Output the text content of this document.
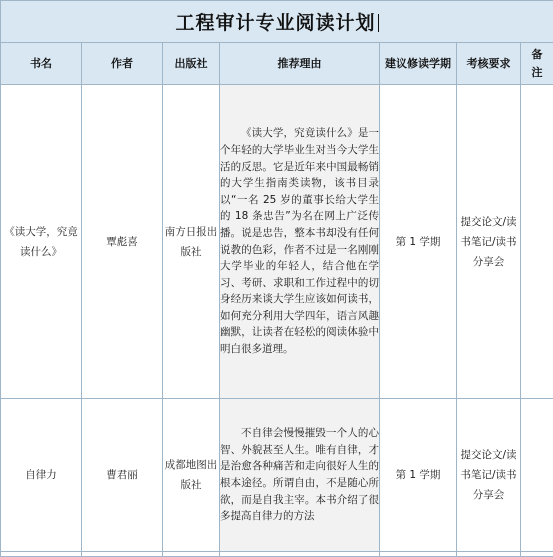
工程审计专业阅读计划						
书名	作者	出版社	推荐理由	建议修读学期	考核要求	备注
《读大学，究竟读什么》	覃彪喜	南方日报出版社	《读大学，究竟读什么》是一个年轻的大学毕业生对当今大学生活的反思。它是近年来中国最畅销的大学生指南类读物，该书目录以“一名 25 岁的董事长给大学生的 18 条忠告”为名在网上广泛传播。说是忠告，整本书却没有任何说教的色彩，作者不过是一名刚刚大学毕业的年轻人，结合他在学习、考研、求职和工作过程中的切身经历来谈大学生应该如何读书，如何充分利用大学四年，语言风趣幽默，让读者在轻松的阅读体验中明白很多道理。	第 1 学期	提交论文/读书笔记/读书分享会	
自律力	曹君丽	成都地图出版社	不自律会慢慢摧毁一个人的心智、外貌甚至人生。唯有自律，才是治愈各种痛苦和走向很好人生的根本途径。所谓自由，不是随心所欲，而是自我主宰。本书介绍了很多提高自律力的方法	第 1 学期	提交论文/读书笔记/读书分享会	
